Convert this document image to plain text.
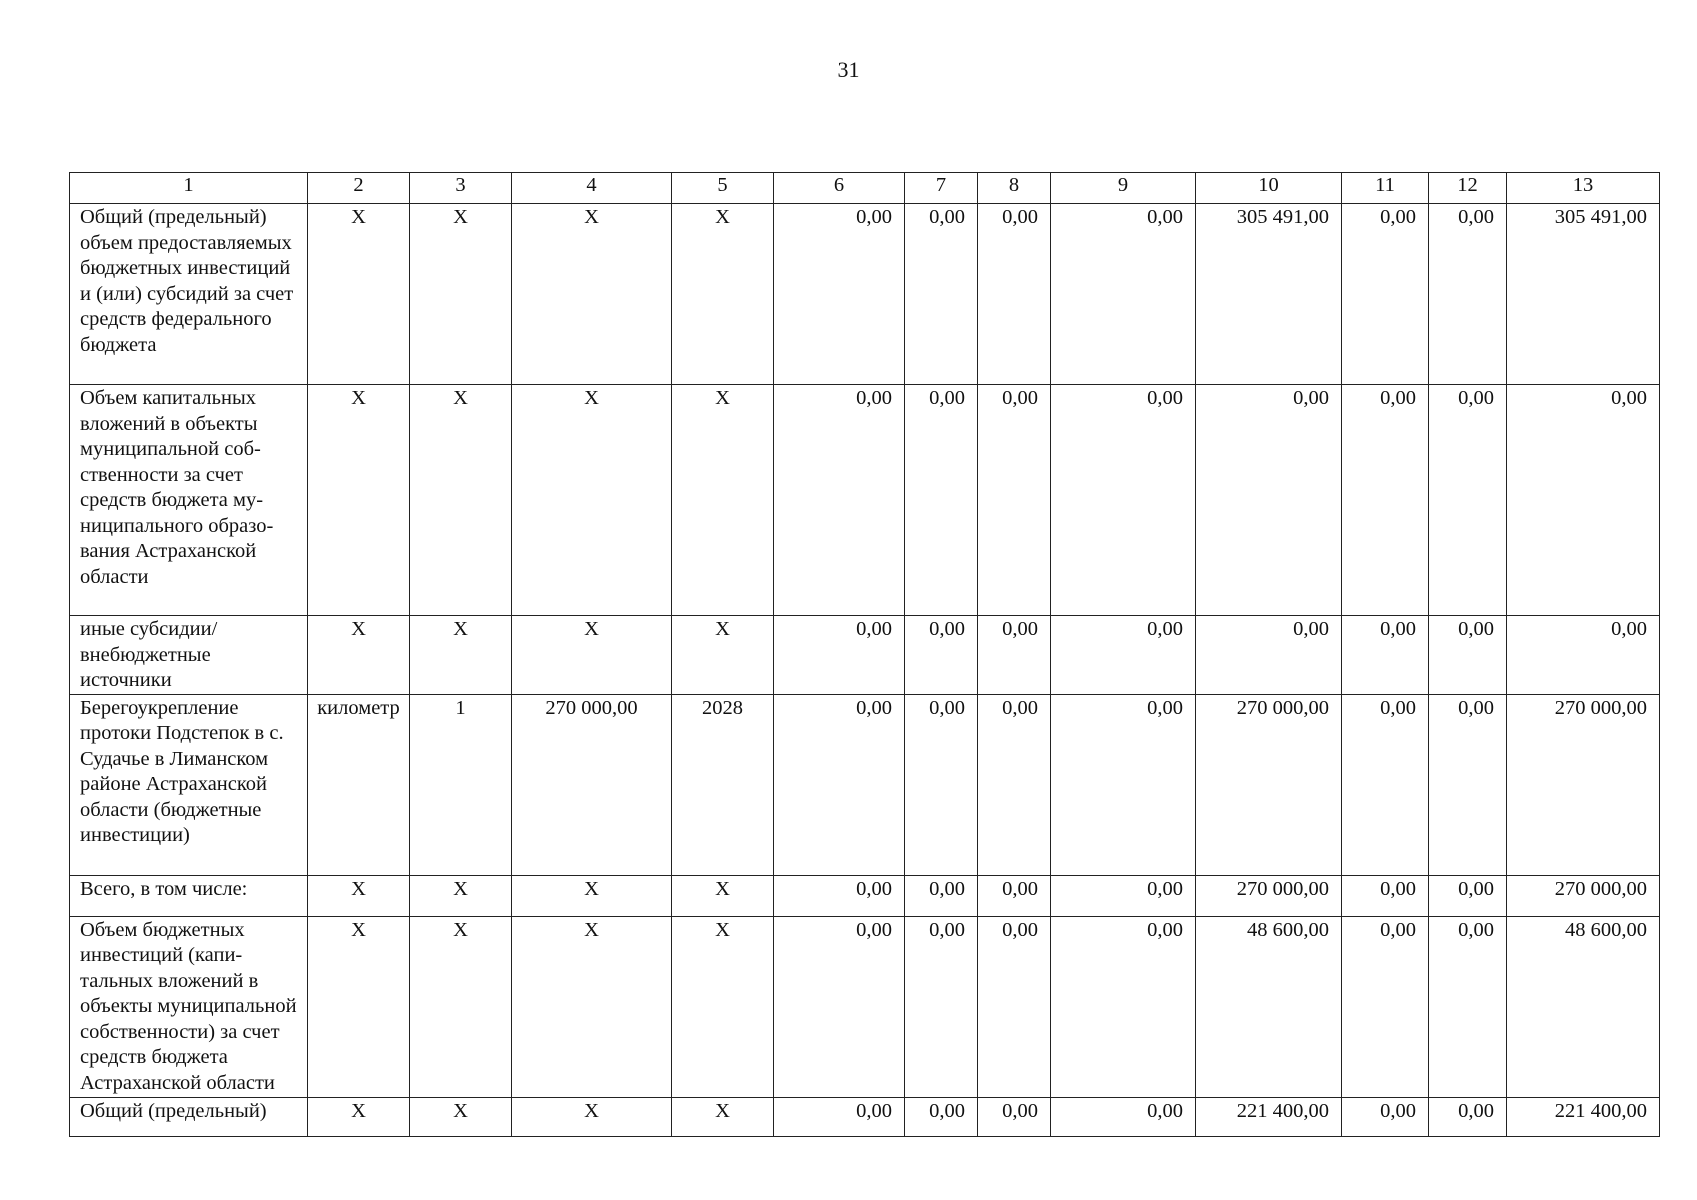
31
1	2	3	4	5	6	7	8	9	10	11	12	13
Общий (предельный) объем предоставляемых бюджетных инвестиций и (или) субсидий за счет средств федерального бюджета	X	X	X	X	0,00	0,00	0,00	0,00	305 491,00	0,00	0,00	305 491,00
Объем капитальных вложений в объекты муниципальной собственности за счет средств бюджета муниципального образования Астраханской области	X	X	X	X	0,00	0,00	0,00	0,00	0,00	0,00	0,00	0,00
иные субсидии/внебюджетные источники	X	X	X	X	0,00	0,00	0,00	0,00	0,00	0,00	0,00	0,00
Берегоукрепление протоки Подстепок в с. Судачье в Лиманском районе Астраханской области (бюджетные инвестиции)	километр	1	270 000,00	2028	0,00	0,00	0,00	0,00	270 000,00	0,00	0,00	270 000,00
Всего, в том числе:	X	X	X	X	0,00	0,00	0,00	0,00	270 000,00	0,00	0,00	270 000,00
Объем бюджетных инвестиций (капитальных вложений в объекты муниципальной собственности) за счет средств бюджета Астраханской области	X	X	X	X	0,00	0,00	0,00	0,00	48 600,00	0,00	0,00	48 600,00
Общий (предельный)	X	X	X	X	0,00	0,00	0,00	0,00	221 400,00	0,00	0,00	221 400,00
